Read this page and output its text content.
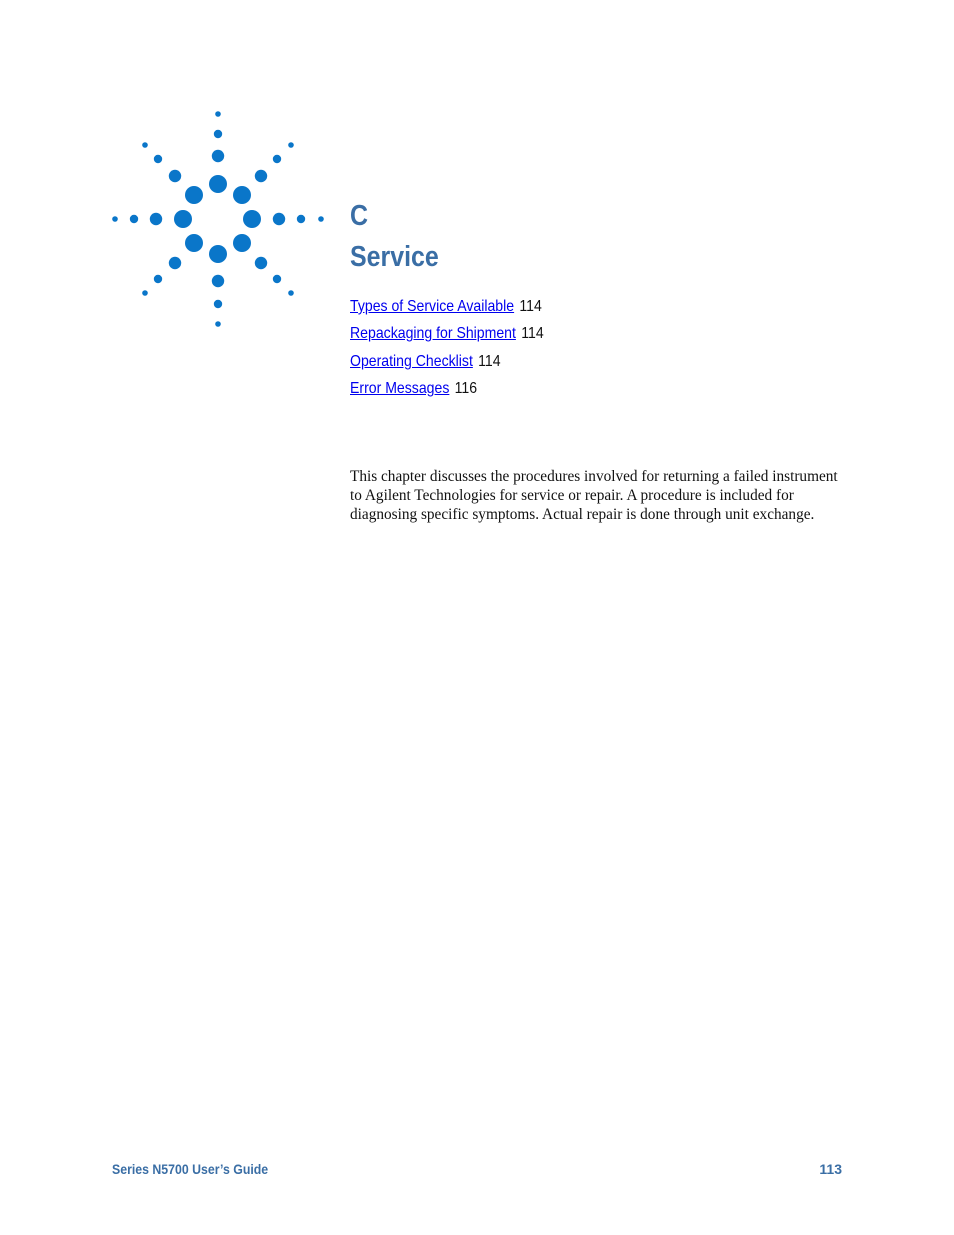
C
Service
Types of Service Available 114
Repackaging for Shipment 114
Operating Checklist 114
Error Messages 116

This chapter discusses the procedures involved for returning a failed instrument to Agilent Technologies for service or repair. A procedure is included for diagnosing specific symptoms. Actual repair is done through unit exchange.

Series N5700 User’s Guide	113
